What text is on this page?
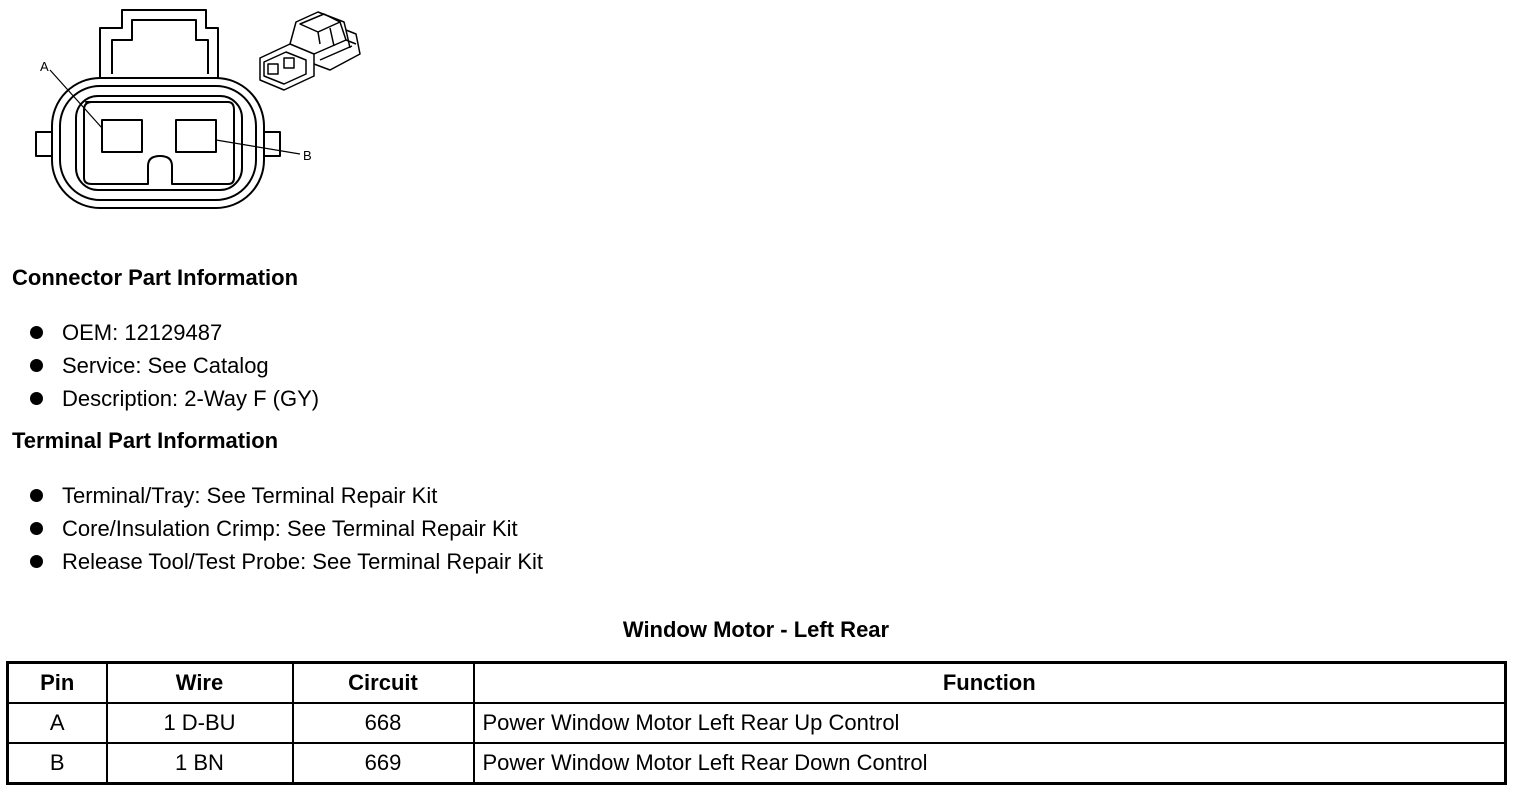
A
B
Connector Part Information
OEM: 12129487
Service: See Catalog
Description: 2-Way F (GY)
Terminal Part Information
Terminal/Tray: See Terminal Repair Kit
Core/Insulation Crimp: See Terminal Repair Kit
Release Tool/Test Probe: See Terminal Repair Kit
Window Motor - Left Rear
Pin	Wire	Circuit	Function
A	1 D-BU	668	Power Window Motor Left Rear Up Control
B	1 BN	669	Power Window Motor Left Rear Down Control
